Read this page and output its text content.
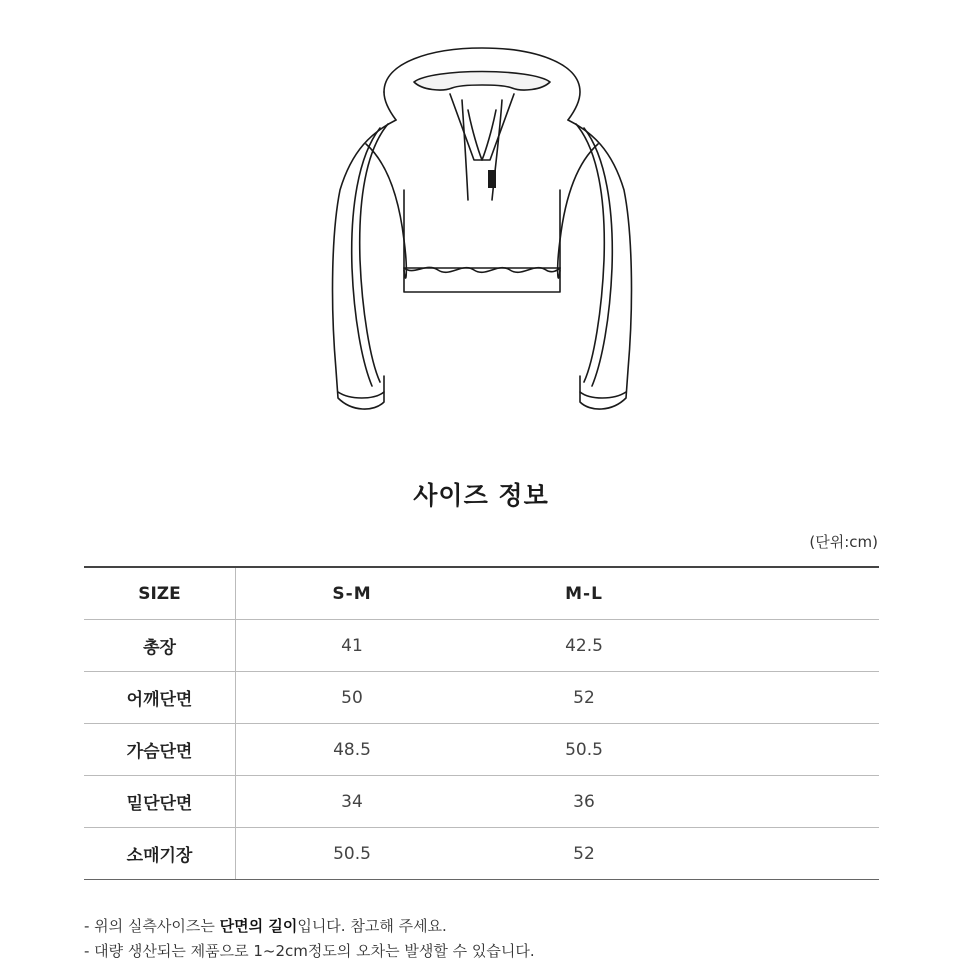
사이즈 정보
(단위:cm)
SIZE	S-M	M-L	
총장	41	42.5	
어깨단면	50	52	
가슴단면	48.5	50.5	
밑단단면	34	36	
소매기장	50.5	52	

- 위의 실측사이즈는 단면의 길이입니다. 참고해 주세요.

- 대량 생산되는 제품으로 1~2cm정도의 오차는 발생할 수 있습니다.
